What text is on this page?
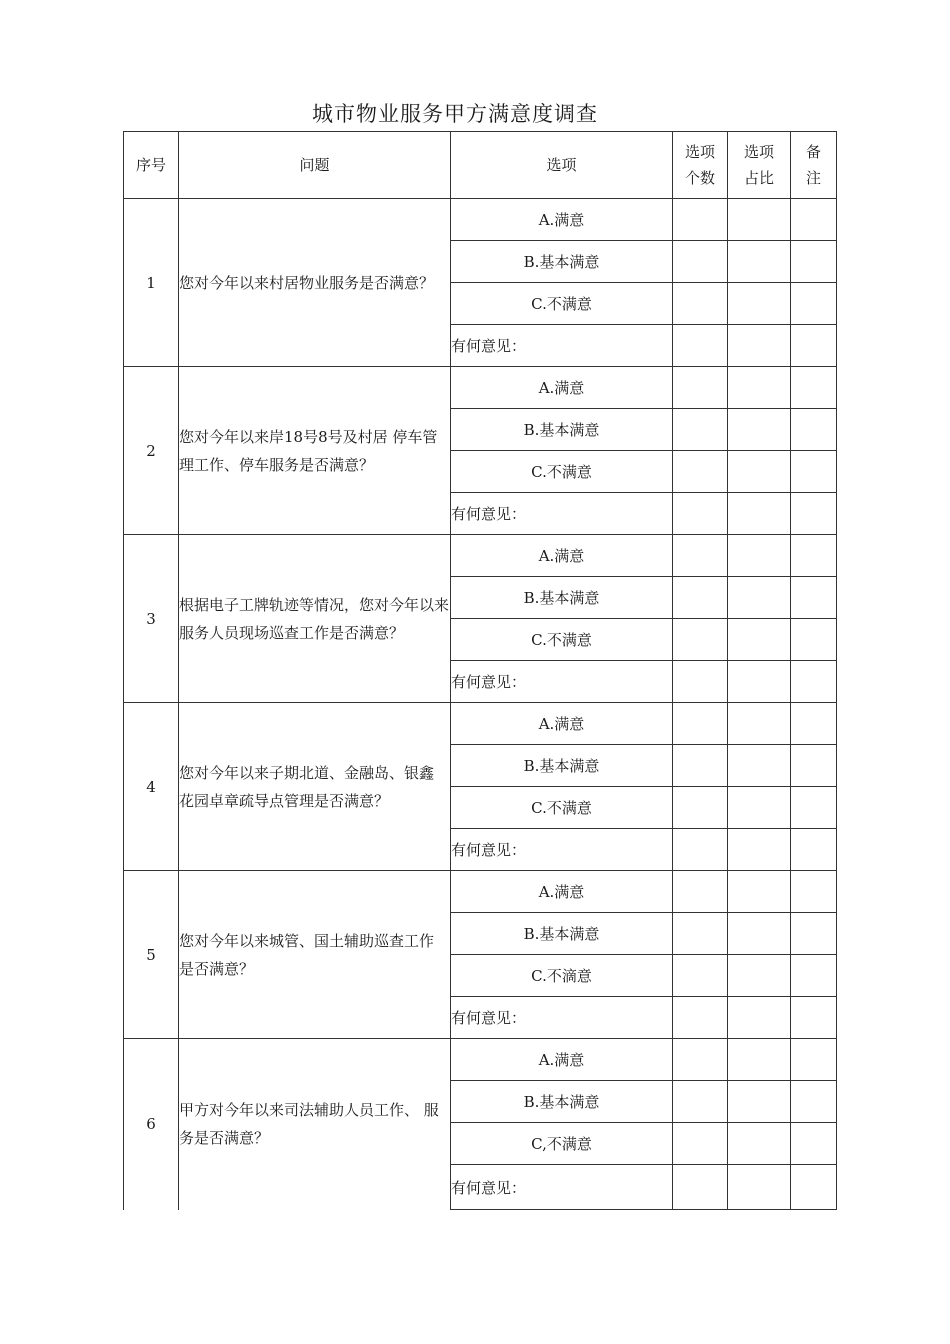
城市物业服务甲方满意度调查
序号	问题	选项	选项个数	选项占比	备注
1	您对今年以来村居物业服务是否满意？	A.满意			
		B.基本满意			
		C.不满意			
		有何意见：			
2	您对今年以来岸18号8号及村居 停车管理工作、停车服务是否满意？	A.满意			
		B.基本满意			
		C.不满意			
		有何意见：			
3	根据电子工牌轨迹等情况，您对今年以来服务人员现场巡查工作是否满意？	A.满意			
		B.基本满意			
		C.不满意			
		有何意见：			
4	您对今年以来子期北道、金融岛、银鑫 花园卓章疏导点管理是否满意？	A.满意			
		B.基本满意			
		C.不满意			
		有何意见：			
5	您对今年以来城管、国土辅助巡查工作 是否满意？	A.满意			
		B.基本满意			
		C.不滴意			
		有何意见：			
6	甲方对今年以来司法辅助人员工作、 服务是否满意？	A.满意			
		B.基本满意			
		C,不满意			
		有何意见：			
